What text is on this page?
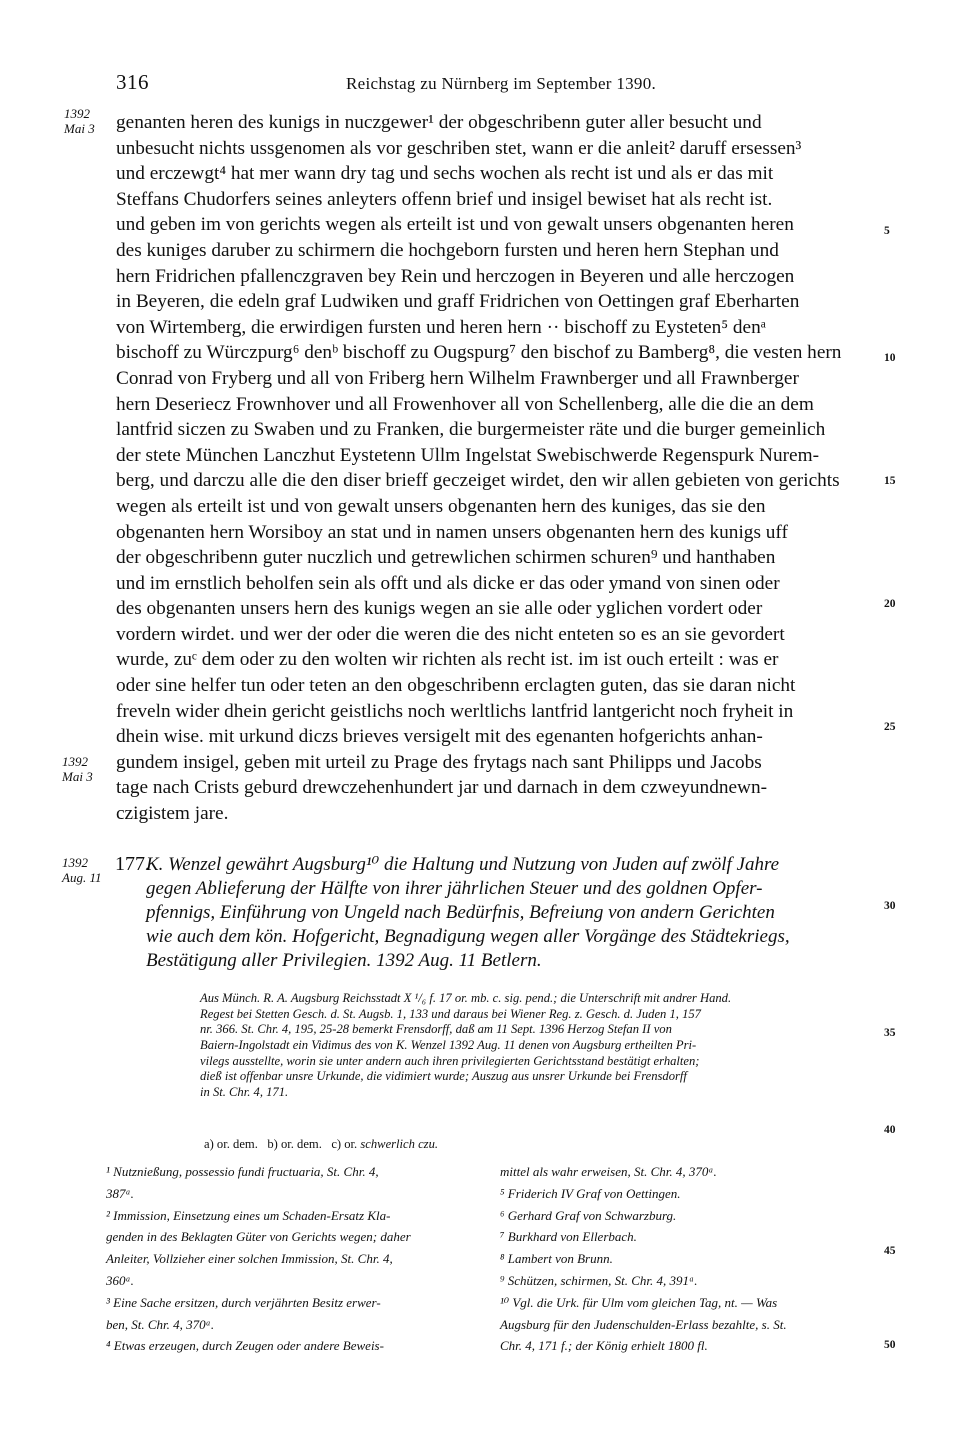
316	Reichstag zu Nürnberg im September 1390.
1392
Mai 3
1392
Mai 3
1392
Aug. 11
genanten heren des kunigs in nuczgewer¹ der obgeschribenn guter aller besucht und
unbesucht nichts ussgenomen als vor geschriben stet, wann er die anleit² daruff ersessen³
und erczewgt⁴ hat mer wann dry tag und sechs wochen als recht ist und als er das mit
Steffans Chudorfers seines anleyters offenn brief und insigel bewiset hat als recht ist.
und geben im von gerichts wegen als erteilt ist und von gewalt unsers obgenanten heren
des kuniges daruber zu schirmern die hochgeborn fursten und heren hern Stephan und
hern Fridrichen pfallenczgraven bey Rein und herczogen in Beyeren und alle herczogen
in Beyeren, die edeln graf Ludwiken und graff Fridrichen von Oettingen graf Eberharten
von Wirtemberg, die erwirdigen fursten und heren hern ·· bischoff zu Eysteten⁵ denᵃ
bischoff zu Würczpurg⁶ denᵇ bischoff zu Ougspurg⁷ den bischof zu Bamberg⁸, die vesten hern
Conrad von Fryberg und all von Friberg hern Wilhelm Frawnberger und all Frawnberger
hern Deseriecz Frownhover und all Frowenhover all von Schellenberg, alle die die an dem
lantfrid siczen zu Swaben und zu Franken, die burgermeister räte und die burger gemeinlich
der stete München Lanczhut Eystetenn Ullm Ingelstat Swebischwerde Regenspurk Nurem-
berg, und darczu alle die den diser brieff geczeiget wirdet, den wir allen gebieten von gerichts
wegen als erteilt ist und von gewalt unsers obgenanten hern des kuniges, das sie den
obgenanten hern Worsiboy an stat und in namen unsers obgenanten hern des kunigs uff
der obgeschribenn guter nuczlich und getrewlichen schirmen schuren⁹ und hanthaben
und im ernstlich beholfen sein als offt und als dicke er das oder ymand von sinen oder
des obgenanten unsers hern des kunigs wegen an sie alle oder yglichen vordert oder
vordern wirdet. und wer der oder die weren die des nicht enteten so es an sie gevordert
wurde, zuᶜ dem oder zu den wolten wir richten als recht ist. im ist ouch erteilt : was er
oder sine helfer tun oder teten an den obgeschribenn erclagten guten, das sie daran nicht
freveln wider dhein gericht geistlichs noch werltlichs lantfrid lantgericht noch fryheit in
dhein wise. mit urkund diczs brieves versigelt mit des egenanten hofgerichts anhan-
gundem insigel, geben mit urteil zu Prage des frytags nach sant Philipps und Jacobs
tage nach Crists geburd drewczehenhundert jar und darnach in dem czweyundnewn-
czigistem jare.
5
10
15
20
25
30
35
40
45
50
177.
K. Wenzel gewährt Augsburg¹⁰ die Haltung und Nutzung von Juden auf zwölf Jahre
gegen Ablieferung der Hälfte von ihrer jährlichen Steuer und des goldnen Opfer-
pfennigs, Einführung von Ungeld nach Bedürfnis, Befreiung von andern Gerichten
wie auch dem kön. Hofgericht, Begnadigung wegen aller Vorgänge des Städtekriegs,
Bestätigung aller Privilegien. 1392 Aug. 11 Betlern.
Aus Münch. R. A. Augsburg Reichsstadt X ¹/₆ f. 17 or. mb. c. sig. pend.; die Unterschrift mit andrer Hand.
Regest bei Stetten Gesch. d. St. Augsb. 1, 133 und daraus bei Wiener Reg. z. Gesch. d. Juden 1, 157
nr. 366. St. Chr. 4, 195, 25-28 bemerkt Frensdorff, daß am 11 Sept. 1396 Herzog Stefan II von
Baiern-Ingolstadt ein Vidimus des von K. Wenzel 1392 Aug. 11 denen von Augsburg ertheilten Pri-
vilegs ausstellte, worin sie unter andern auch ihren privilegierten Gerichtsstand bestätigt erhalten;
dieß ist offenbar unsre Urkunde, die vidimiert wurde; Auszug aus unsrer Urkunde bei Frensdorff
in St. Chr. 4, 171.
a) or. dem. b) or. dem. c) or. schwerlich czu.
¹ Nutznießung, possessio fundi fructuaria, St. Chr. 4,
387ᵃ.
² Immission, Einsetzung eines um Schaden-Ersatz Kla-
genden in des Beklagten Güter von Gerichts wegen; daher
Anleiter, Vollzieher einer solchen Immission, St. Chr. 4,
360ᵃ.
³ Eine Sache ersitzen, durch verjährten Besitz erwer-
ben, St. Chr. 4, 370ᵃ.
⁴ Etwas erzeugen, durch Zeugen oder andere Beweis-
mittel als wahr erweisen, St. Chr. 4, 370ᵃ.
⁵ Friderich IV Graf von Oettingen.
⁶ Gerhard Graf von Schwarzburg.
⁷ Burkhard von Ellerbach.
⁸ Lambert von Brunn.
⁹ Schützen, schirmen, St. Chr. 4, 391ᵃ.
¹⁰ Vgl. die Urk. für Ulm vom gleichen Tag, nt. — Was
Augsburg für den Judenschulden-Erlass bezahlte, s. St.
Chr. 4, 171 f.; der König erhielt 1800 fl.
